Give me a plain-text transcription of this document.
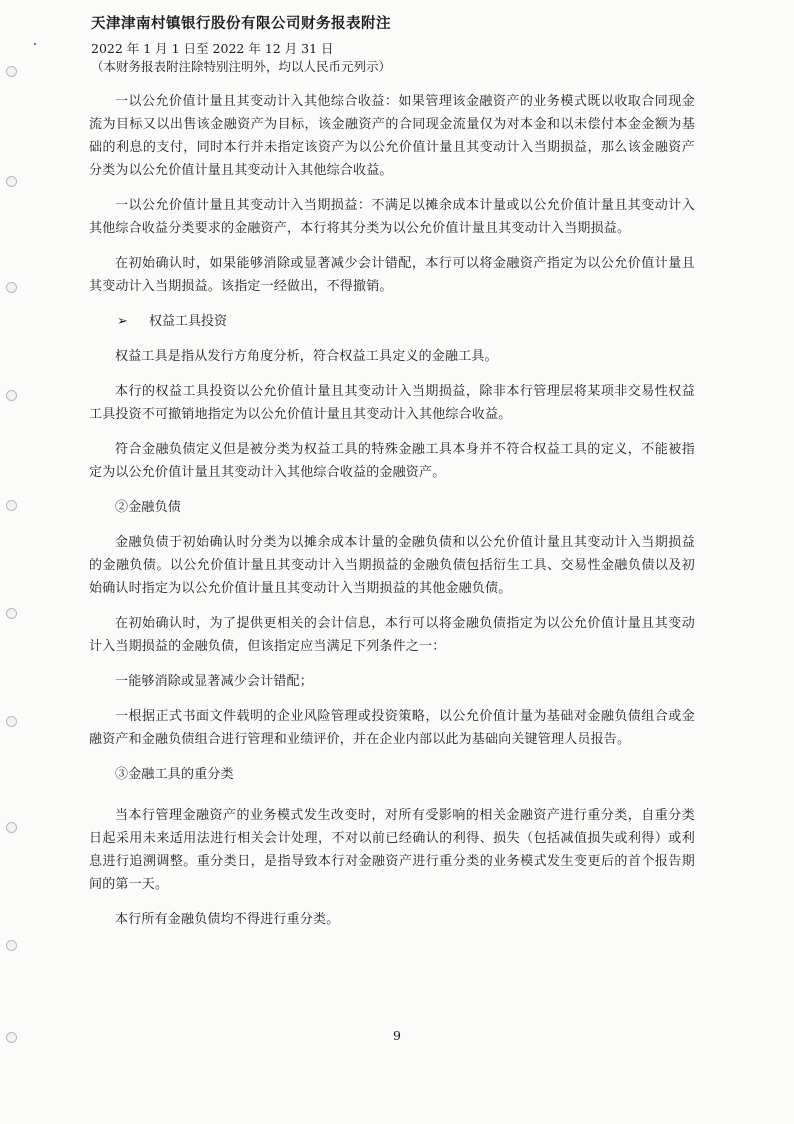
天津津南村镇银行股份有限公司财务报表附注
2022 年 1 月 1 日至 2022 年 12 月 31 日
（本财务报表附注除特别注明外，均以人民币元列示）

一以公允价值计量且其变动计入其他综合收益：如果管理该金融资产的业务模式既以收取合同现金流为目标又以出售该金融资产为目标，该金融资产的合同现金流量仅为对本金和以未偿付本金金额为基础的利息的支付，同时本行并未指定该资产为以公允价值计量且其变动计入当期损益，那么该金融资产分类为以公允价值计量且其变动计入其他综合收益。

一以公允价值计量且其变动计入当期损益：不满足以摊余成本计量或以公允价值计量且其变动计入其他综合收益分类要求的金融资产，本行将其分类为以公允价值计量且其变动计入当期损益。

在初始确认时，如果能够消除或显著减少会计错配，本行可以将金融资产指定为以公允价值计量且其变动计入当期损益。该指定一经做出，不得撤销。

➢ 权益工具投资

权益工具是指从发行方角度分析，符合权益工具定义的金融工具。

本行的权益工具投资以公允价值计量且其变动计入当期损益，除非本行管理层将某项非交易性权益工具投资不可撤销地指定为以公允价值计量且其变动计入其他综合收益。

符合金融负债定义但是被分类为权益工具的特殊金融工具本身并不符合权益工具的定义，不能被指定为以公允价值计量且其变动计入其他综合收益的金融资产。

②金融负债

金融负债于初始确认时分类为以摊余成本计量的金融负债和以公允价值计量且其变动计入当期损益的金融负债。以公允价值计量且其变动计入当期损益的金融负债包括衍生工具、交易性金融负债以及初始确认时指定为以公允价值计量且其变动计入当期损益的其他金融负债。

在初始确认时，为了提供更相关的会计信息，本行可以将金融负债指定为以公允价值计量且其变动计入当期损益的金融负债，但该指定应当满足下列条件之一：

一能够消除或显著减少会计错配；

一根据正式书面文件载明的企业风险管理或投资策略，以公允价值计量为基础对金融负债组合或金融资产和金融负债组合进行管理和业绩评价，并在企业内部以此为基础向关键管理人员报告。

③金融工具的重分类

当本行管理金融资产的业务模式发生改变时，对所有受影响的相关金融资产进行重分类，自重分类日起采用未来适用法进行相关会计处理，不对以前已经确认的利得、损失（包括减值损失或利得）或利息进行追溯调整。重分类日，是指导致本行对金融资产进行重分类的业务模式发生变更后的首个报告期间的第一天。

本行所有金融负债均不得进行重分类。

9
